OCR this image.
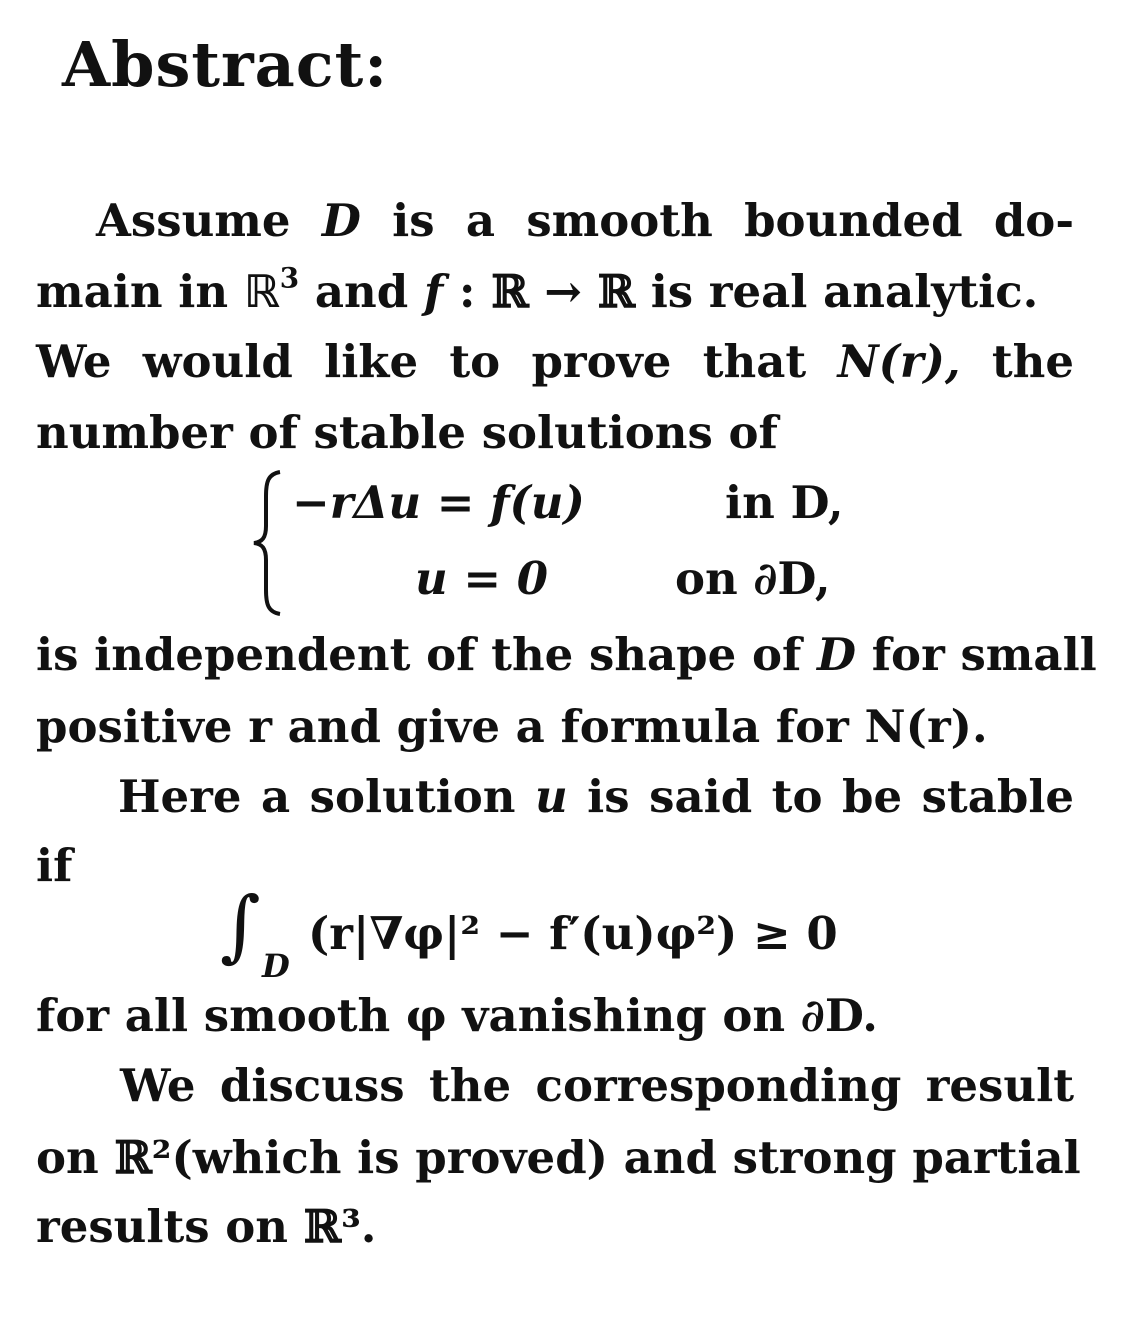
Abstract:
Assume D is a smooth bounded do-
main in ℝ$^3$ and f : ℝ → ℝ is real analytic.
We would like to prove that N(r), the
number of stable solutions of
−rΔu = f(u)	in D,
u = 0	on ∂D,
is independent of the shape of D for small
positive r and give a formula for N(r).
Here a solution u is said to be stable
if
∫ D
(r|∇φ|² − f′(u)φ²) ≥ 0
for all smooth φ vanishing on ∂D.
We discuss the corresponding result
on ℝ²(which is proved) and strong partial
results on ℝ³.
